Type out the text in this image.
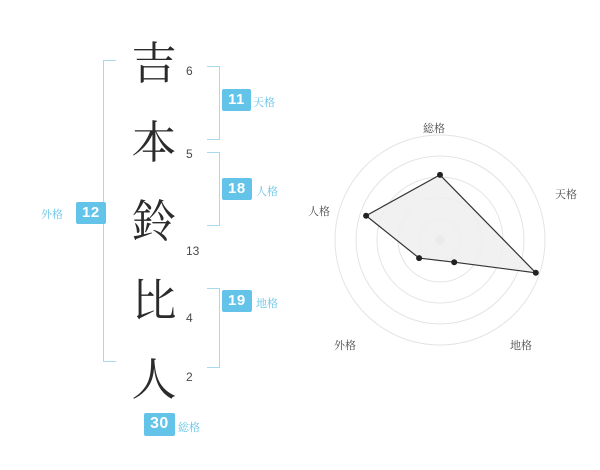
吉
本
鈴
比
人
6
5
13
4
2
11 天格
18 人格
19 地格
12
外格
30 総格
総格
天格
地格
外格
人格
